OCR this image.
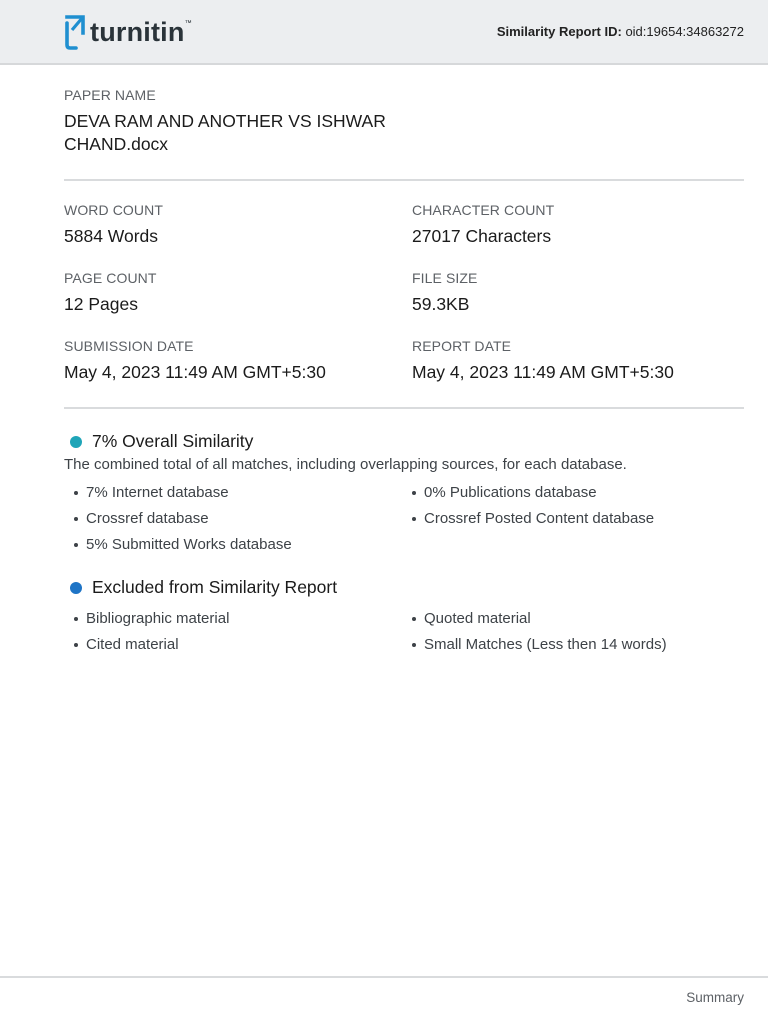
turnitin ™
Similarity Report ID: oid:19654:34863272
PAPER NAME
DEVA RAM AND ANOTHER VS ISHWAR CHAND.docx
WORD COUNT
5884 Words
CHARACTER COUNT
27017 Characters
PAGE COUNT
12 Pages
FILE SIZE
59.3KB
SUBMISSION DATE
May 4, 2023 11:49 AM GMT+5:30
REPORT DATE
May 4, 2023 11:49 AM GMT+5:30
7% Overall Similarity
The combined total of all matches, including overlapping sources, for each database.
7% Internet database
Crossref database
5% Submitted Works database
0% Publications database
Crossref Posted Content database
Excluded from Similarity Report
Bibliographic material
Cited material
Quoted material
Small Matches (Less then 14 words)
Summary
